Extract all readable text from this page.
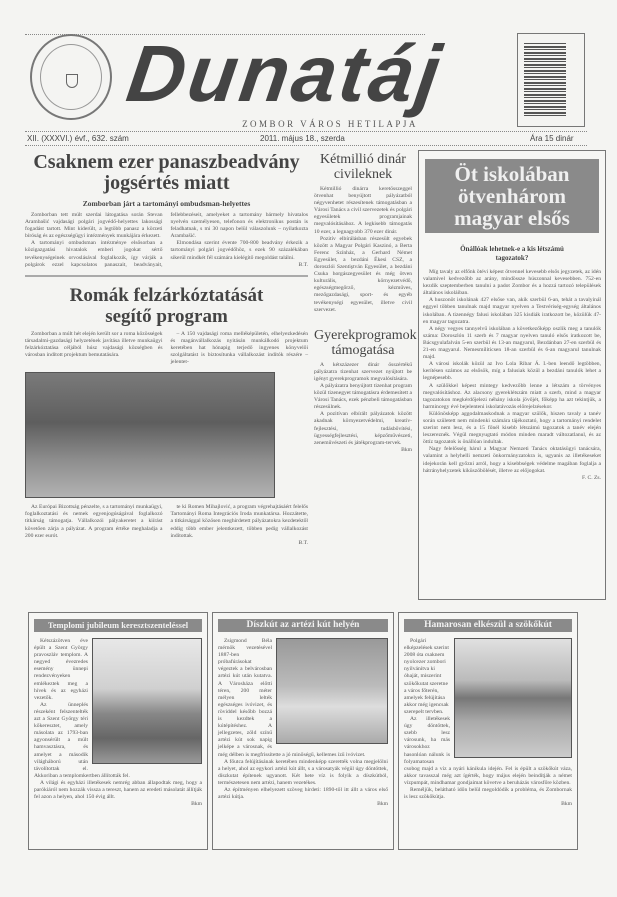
Dunatáj
ZOMBOR VÁROS HETILAPJA
XII. (XXXVI.) évf., 632. szám	2011. május 18., szerda	Ára 15 dinár
Csaknem ezer panaszbeadvány jogsértés miatt
Zomborban járt a tartományi ombudsman-helyettes

Zomborban tett múlt szerdai látogatása során Stevan Arambašić vajdasági polgári jogvédő-helyettes lakossági fogadást tartott. Mint kiderült, a legtöbb panasz a körzeti bíróság és az egészségügyi intézmények munkájára érkezett.

A tartományi ombudsman intézménye elsősorban a közigazgatási hivatalok emberi jogokat sértő tevékenységeinek orvoslásával foglalkozik, így várják a polgárok ezzel kapcsolatos panaszait, beadványait, fellebbezéseit, amelyeket a tartomány bármely hivatalos nyelvén személyesen, telefonon és elektronikus postán is feladhatnak, s mi 30 napon belül válaszolunk – nyilatkozta Arambašić.

Elmondása szerint évente 700-800 beadvány érkezik a tartományi polgári jogvédőhöz, s ezek 90 százalékában sikerül mindkét fél számára kielégítő megoldást találni.

B.T.
Romák felzárkóztatását segítő program

Zomborban a múlt hét elején került sor a roma közösségek társadalmi-gazdasági helyzetének javítása illetve munkaügyi felzárkóztatása céljából húsz vajdasági községben és városban indított projektum bemutatására.

– A 150 vajdasági roma melléképületén, elhelyezkedésén és magánvállalkozás nyitásán munkálkodó projektum keretében hat hónapig terjedő ingyenes könyvelői szolgáltatást is biztosítunka vállalkozást indítók részére – jelentet-

Az Európai Bizottság pénzelte, s a tartományi munkaügyi, foglalkoztatási és nemek egyenjogúságával foglalkozó titkárság támogatja. Vállalkozói pályakeretet a kiírást követően zárja a pályázat. A program értéke meghaladja a 200 ezer eurót.

te ki Romen Mihajlović, a program végrehajtásáért felelős Tartományi Roma Integrációs Iroda munkatársa. Hozzátette, a titkársággal közösen meghirdetett pályázatokra kezdetektől eddig több ember jelentkezett, többen pedig vállalkozást indítottak.

B.T.
Kétmillió dinár civileknek

Kétmillió dinárra keretösszeggel ötvenhat benyújtott pályázatból négyvenhetet részesítenek támogatásban a Városi Tanács a civil szervezetek és polgári egyesületek programjainak megvalósításához. A legkisebb támogatás 10 ezer, a legnagyobb 370 ezer dinár.

Pozitív elbírálásban részesült egyebek között a Magyar Polgári Kaszinó, a Berta Ferenc Színház, a Gerhard Német Egyesület, a bezdáni Ékesi CSZ, a doroszlói Szentiştván Egyesület, a bezdáni Csuka horgászegyesület és még ötven kulturális, környezetvédő, egészségmegőrző, kézműves, mezőgazdasági, sport- és egyéb tevékenységi egyesület, illetve civil szervezet.

Gyerekprogramok támogatása

A kétszázezer dinár összértékű pályázatra tizenhat szervezet nyújtott be igényt gyerekprogramok megvalósítására.

A pályázatra benyújtott tizenhat program közül tizenegyet támogatásra érdemesített a Városi Tanács, ezek pénzbeli támogatásban részesülnek.

A pozitívan elbírált pályázatok között akadnak környezetvédelmi, kreatív-fejlesztési, tudásbővítési, ügyességfejlesztési, képzőművészeti, zeneművészeti és játékprogram-tervek.

Bkm
Öt iskolában ötvenhárom magyar elsős
Önállóak lehetnek-e a kis létszámú tagozatok?

Míg tavaly az elfőnk ötévi képest ötvennel kevesebb elsős jegyzetek, az idén valamivel kedvezőbb az arány, mindössze húszonnal kevesebben. 752-en kezdik szeptemberben tanulni a padot Zombor és a hozzá tartozó települések általános iskoláiban.

A huszonöt iskolának 427 elsőse van, akik szerbül 6-an, tehát a tavalyinál eggyel többen tanulnak majd magyar nyelven a Testvériség-egység általános iskolában. A tizennégy falusi iskolában 325 kisdiák iratkozott be, közülük 47-en magyar tagozatra.

A négy vegyes tannyelvű iskolában a következőképp oszlik meg a tanulók száma: Doroszlón 11 szerb és 7 magyar nyelven tanuló elsős iratkozott be, Bácsgyulafalván 5-en szerbül és 13-an magyarul, Bezdánban 27-en szerbül és 21-en magyarul. Nemesmiliticsen 18-an szerbül és 6-an magyarul tanulnak majd.

A városi iskolák közül az Ivo Lola Ribar Á. I.-ben leendő legtöbben, kerítésen számos az elsősök, míg a falusiak közül a bezdáni tanulók lehet a legnépesebb.

A szülőkkel képest mintegy kedvezőbb lenne a létszám a törvényes megvalósításhoz. Az alacsony gyereklétszám miatt a szerb, mind a magyar tagozatokon megkérdőjelezi néhány iskola jövőjét, főképp ha azt tekintjük, a harmincegy évé bejelenteni iskolatávozás előrejelzésekor.

Különösképp aggodalmaskodnak a magyar szülők, hiszen tavaly a tanév során született nem mindenki számára tájékoztató, hogy a tartományi rendelet szerint nem lesz, és a 15 főnél kisebb létszámú tagozatok a tanév elején leszereznék. Végül megnyugtató módon minden maradt változatlanul, és az öttíz tagozatok is önállóan indultak.

Nagy felelősség hárul a Magyar Nemzeti Tanács oktatásügyi tanácsára, valamint a helyhelli nemzeti önkormányzatokra is, ugyanis az illetékeseket idejekorán kell győzni arról, hogy a kisebbségek védelme magában foglalja a hátrányhelyzetek kiküszöbölését, illetve az előjogokat.

F. C. Zs.
Templomi jubileum keresztszenteléssel

Kétszázötven éve épült a Szent György pravoszláv templom. A negyed évezredes esemény ünnepi rendezvényeken emlékeztek meg a hívek és az egyházi vezetők.

Az ünneplés részeként felszentelték azt a Szent György téri kőkeresztet, amely másolata az 1793-ban agyonsérült a múlt hamvasztásra, és amelyet a második világháború után távolítottak el. Akkoriban a templomkertben állították fel.

A világi és egyházi illetékesek nemrég abban állapodtak meg, hogy a parókiáról nem hozzák vissza a tereszt, hanem az eredeti másolatát állítják fel azon a helyen, ahol 150 évig állt.

Bkm
Díszkút az artézi kút helyén

Zsigmond Béla mérnök vezetésével 1887-ben próbafúrásokat végeztek a belvárosban artézi kút után kutatva. A Városháza előtti téren, 200 méter mélyen lelték egészséges ivóvizet, és röviddel később bozzá is kezdtek a kútépítéshez. A jellegzetes, zöld színű artézi kút sok napig jelképe a városnak, és még délben is megfrissítette a jó minőségű, kellemes ízű ivóvizet.

A főutca felújításának keretében mindenképp szerették volna megjelölni a helyet, ahol az egykori artézi kút állt, s a városatyák végül úgy döntöttek, díszkutat építenek ugyanott. Két hete víz is folyik a díszkútból, természetesen nem artézi, hanem vezetékes.

Az építményen elhelyezett szöveg hirdeti: 1890-től itt állt a város első artézi kútja.

Bkm
Hamarosan elkészül a szökőkút

Polgári elképzelések szerint 2008 óta csaknem nyolcezer zombori nyilvánítva ki óhaját, miszerint szökőkutat szeretne a város főterén, amelyek felújítása akkor még igencsak szerepelt tervben.

Az illetékesek úgy döntöttek, szebb lesz városunk, ha más városokhoz hasonlóan nálunk is folyamatosan csobog majd a víz a nyári kánikula idején. Fel is épült a szökőkút váza, akkor tavasszal még azt ígérték, hogy május elején beindítják a német vízpumpát, mindhamar gondjaimat követve a beruházás városfőre közben.

Reméljük, belátható időn belül megoldódik a probléma, és Zombornak is lesz szökőkútja.

Bkm
